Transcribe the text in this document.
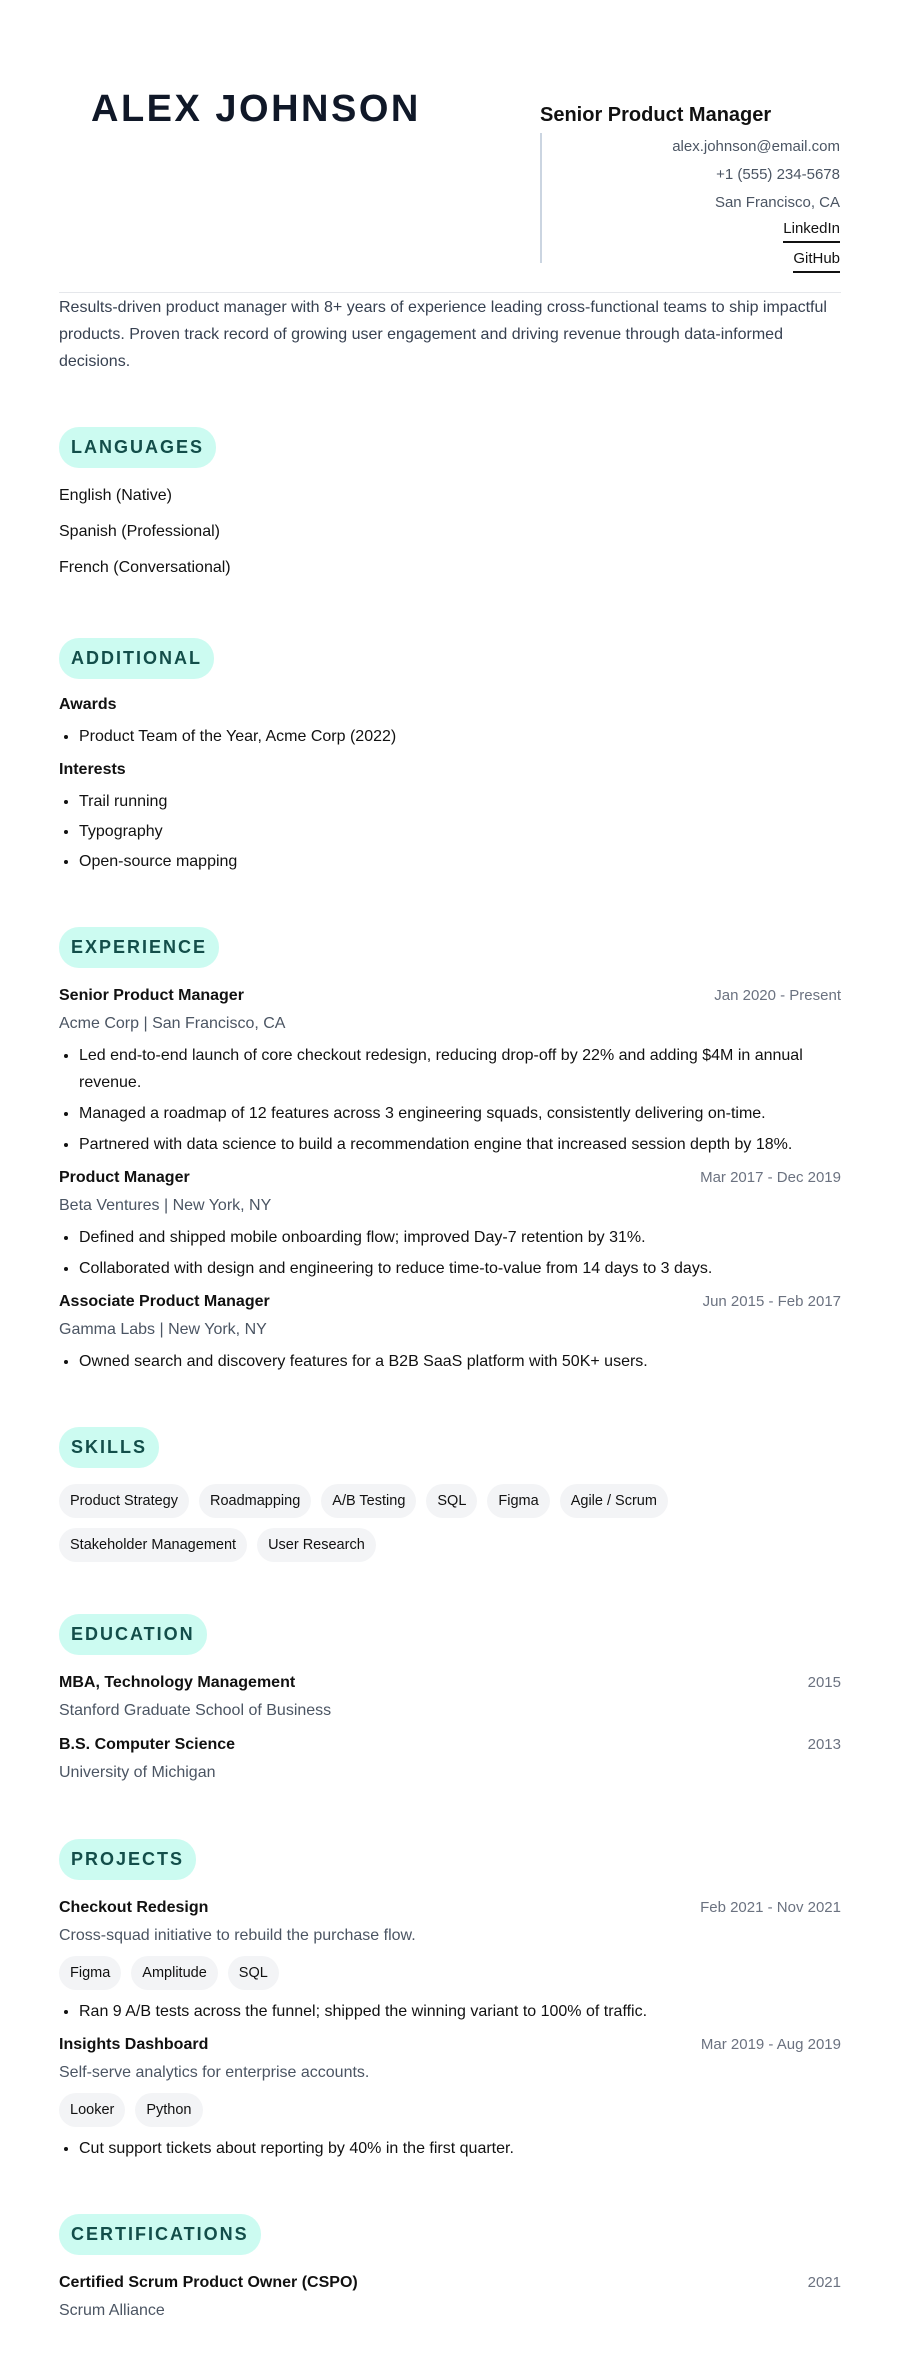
ALEX JOHNSON	Senior Product Manager
alex.johnson@email.com
+1 (555) 234-5678
San Francisco, CA
LinkedIn
GitHub
Results-driven product manager with 8+ years of experience leading cross-functional teams to ship impactful products. Proven track record of growing user engagement and driving revenue through data-informed decisions.
LANGUAGES
English (Native)
Spanish (Professional)
French (Conversational)
ADDITIONAL
Awards
• Product Team of the Year, Acme Corp (2022)
Interests
• Trail running
• Typography
• Open-source mapping
EXPERIENCE
Senior Product Manager	Jan 2020 - Present
Acme Corp | San Francisco, CA
• Led end-to-end launch of core checkout redesign, reducing drop-off by 22% and adding $4M in annual revenue.
• Managed a roadmap of 12 features across 3 engineering squads, consistently delivering on-time.
• Partnered with data science to build a recommendation engine that increased session depth by 18%.
Product Manager	Mar 2017 - Dec 2019
Beta Ventures | New York, NY
• Defined and shipped mobile onboarding flow; improved Day-7 retention by 31%.
• Collaborated with design and engineering to reduce time-to-value from 14 days to 3 days.
Associate Product Manager	Jun 2015 - Feb 2017
Gamma Labs | New York, NY
• Owned search and discovery features for a B2B SaaS platform with 50K+ users.
SKILLS
Product Strategy	Roadmapping	A/B Testing	SQL	Figma	Agile / Scrum
Stakeholder Management	User Research
EDUCATION
MBA, Technology Management	2015
Stanford Graduate School of Business
B.S. Computer Science	2013
University of Michigan
PROJECTS
Checkout Redesign	Feb 2021 - Nov 2021
Cross-squad initiative to rebuild the purchase flow.
Figma	Amplitude	SQL
• Ran 9 A/B tests across the funnel; shipped the winning variant to 100% of traffic.
Insights Dashboard	Mar 2019 - Aug 2019
Self-serve analytics for enterprise accounts.
Looker	Python
• Cut support tickets about reporting by 40% in the first quarter.
CERTIFICATIONS
Certified Scrum Product Owner (CSPO)	2021
Scrum Alliance
